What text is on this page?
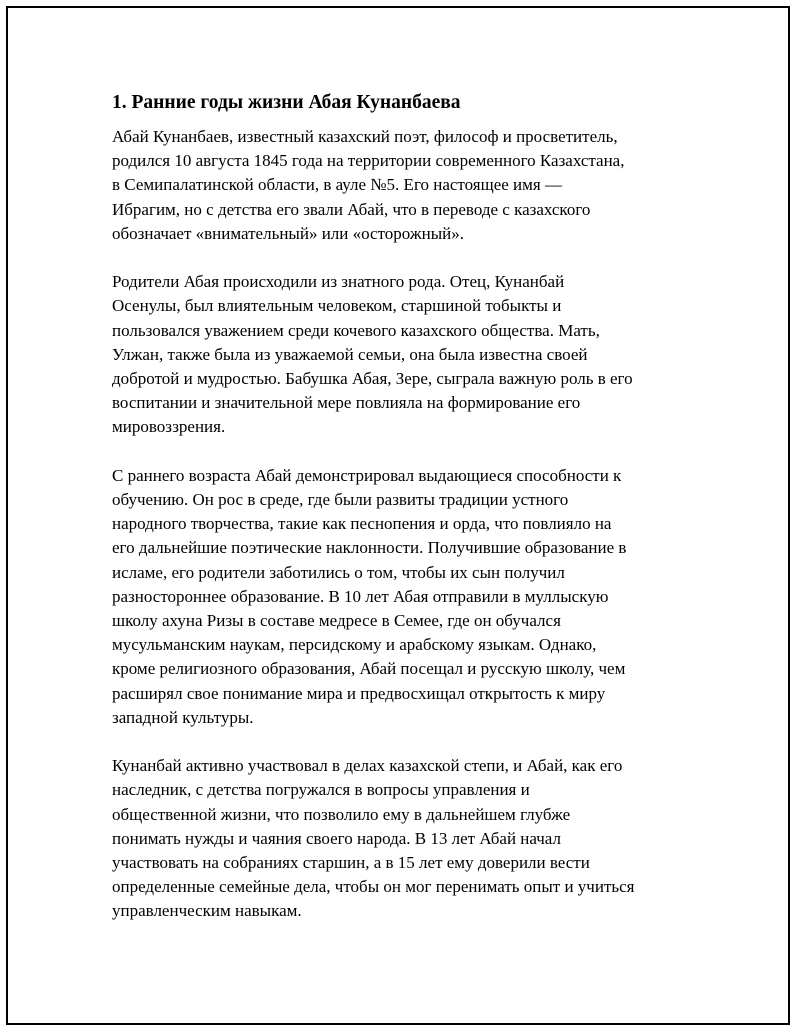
1. Ранние годы жизни Абая Кунанбаева
Абай Кунанбаев, известный казахский поэт, философ и просветитель,
родился 10 августа 1845 года на территории современного Казахстана,
в Семипалатинской области, в ауле №5. Его настоящее имя —
Ибрагим, но с детства его звали Абай, что в переводе с казахского
обозначает «внимательный» или «осторожный».
Родители Абая происходили из знатного рода. Отец, Кунанбай
Осенулы, был влиятельным человеком, старшиной тобыкты и
пользовался уважением среди кочевого казахского общества. Мать,
Улжан, также была из уважаемой семьи, она была известна своей
добротой и мудростью. Бабушка Абая, Зере, сыграла важную роль в его
воспитании и значительной мере повлияла на формирование его
мировоззрения.
С раннего возраста Абай демонстрировал выдающиеся способности к
обучению. Он рос в среде, где были развиты традиции устного
народного творчества, такие как песнопения и орда, что повлияло на
его дальнейшие поэтические наклонности. Получившие образование в
исламе, его родители заботились о том, чтобы их сын получил
разностороннее образование. В 10 лет Абая отправили в муллыскую
школу ахуна Ризы в составе медресе в Семее, где он обучался
мусульманским наукам, персидскому и арабскому языкам. Однако,
кроме религиозного образования, Абай посещал и русскую школу, чем
расширял свое понимание мира и предвосхищал открытость к миру
западной культуры.
Кунанбай активно участвовал в делах казахской степи, и Абай, как его
наследник, с детства погружался в вопросы управления и
общественной жизни, что позволило ему в дальнейшем глубже
понимать нужды и чаяния своего народа. В 13 лет Абай начал
участвовать на собраниях старшин, а в 15 лет ему доверили вести
определенные семейные дела, чтобы он мог перенимать опыт и учиться
управленческим навыкам.
